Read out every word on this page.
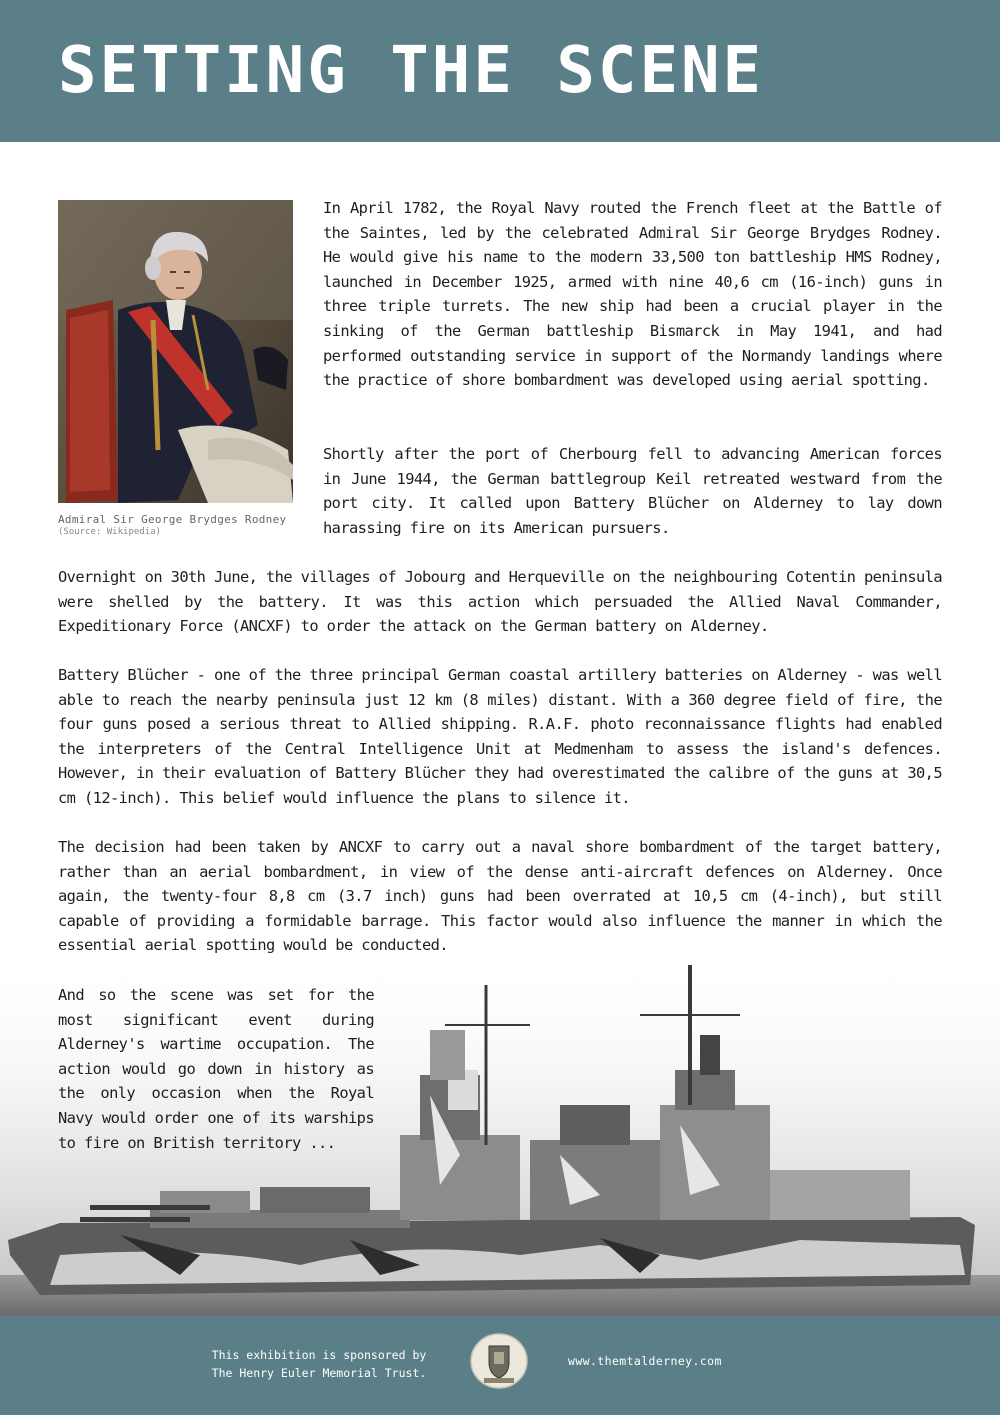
SETTING THE SCENE
Admiral Sir George Brydges Rodney
(Source: Wikipedia)

In April 1782, the Royal Navy routed the French fleet at the Battle of the Saintes, led by the celebrated Admiral Sir George Brydges Rodney. He would give his name to the modern 33,500 ton battleship HMS Rodney, launched in December 1925, armed with nine 40,6 cm (16-inch) guns in three triple turrets. The new ship had been a crucial player in the sinking of the German battleship Bismarck in May 1941, and had performed outstanding service in support of the Normandy landings where the practice of shore bombardment was developed using aerial spotting.

Shortly after the port of Cherbourg fell to advancing American forces in June 1944, the German battlegroup Keil retreated westward from the port city. It called upon Battery Blücher on Alderney to lay down harassing fire on its American pursuers.

Overnight on 30th June, the villages of Jobourg and Herqueville on the neighbouring Cotentin peninsula were shelled by the battery. It was this action which persuaded the Allied Naval Commander, Expeditionary Force (ANCXF) to order the attack on the German battery on Alderney.

Battery Blücher - one of the three principal German coastal artillery batteries on Alderney - was well able to reach the nearby peninsula just 12 km (8 miles) distant. With a 360 degree field of fire, the four guns posed a serious threat to Allied shipping. R.A.F. photo reconnaissance flights had enabled the interpreters of the Central Intelligence Unit at Medmenham to assess the island's defences. However, in their evaluation of Battery Blücher they had overestimated the calibre of the guns at 30,5 cm (12-inch). This belief would influence the plans to silence it.

The decision had been taken by ANCXF to carry out a naval shore bombardment of the target battery, rather than an aerial bombardment, in view of the dense anti-aircraft defences on Alderney. Once again, the twenty-four 8,8 cm (3.7 inch) guns had been overrated at 10,5 cm (4-inch), but still capable of providing a formidable barrage. This factor would also influence the manner in which the essential aerial spotting would be conducted.

And so the scene was set for the most significant event during Alderney's wartime occupation. The action would go down in history as the only occasion when the Royal Navy would order one of its warships to fire on British territory ...

This exhibition is sponsored by
The Henry Euler Memorial Trust.
www.themtalderney.com
